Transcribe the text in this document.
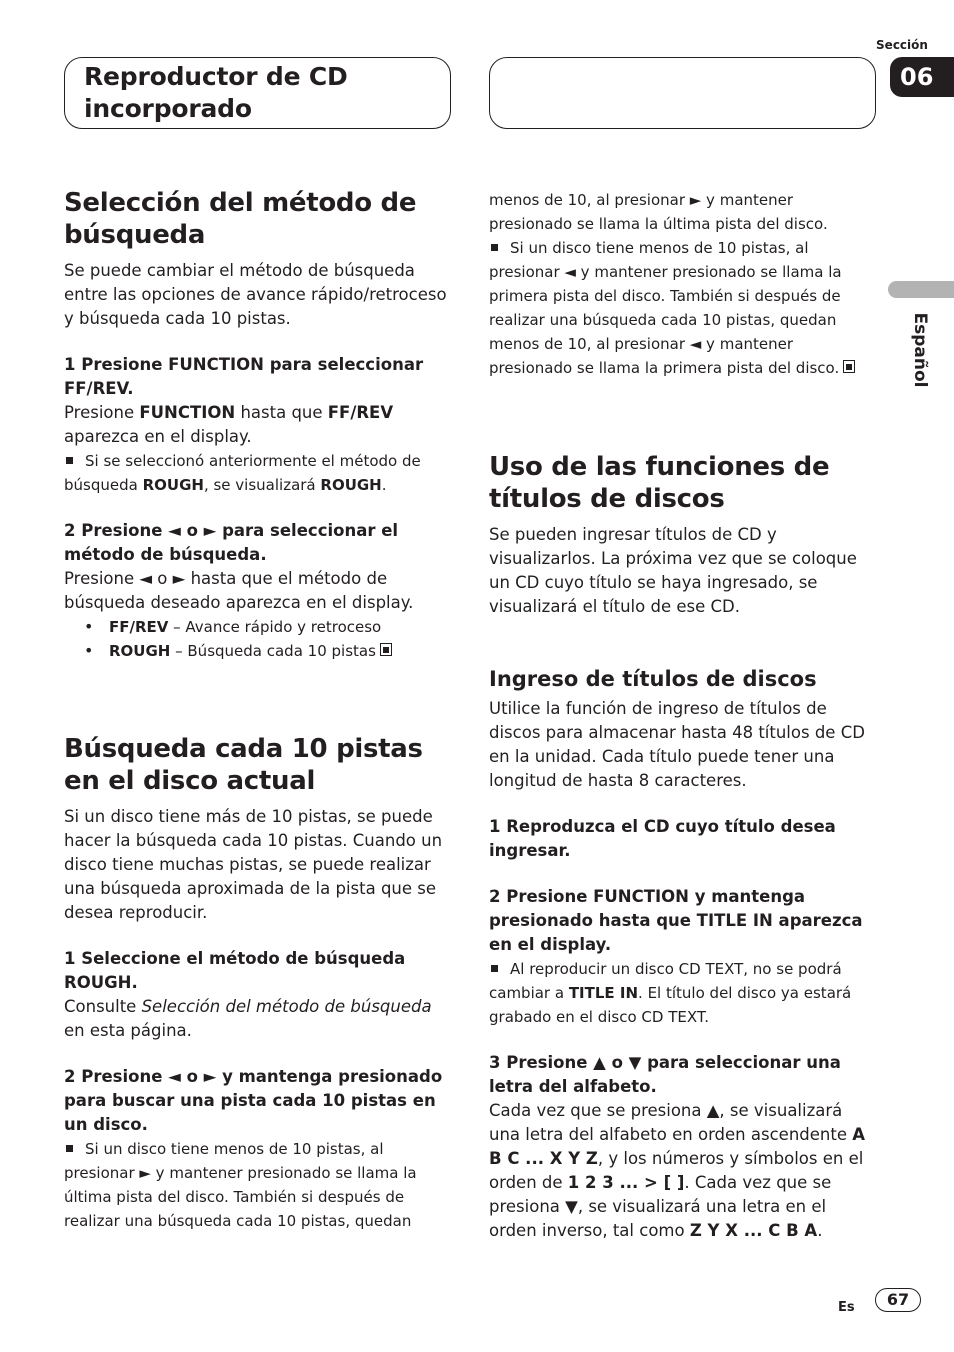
Reproductor de CD incorporado
Sección
06
Español
Selección del método de búsqueda

Se puede cambiar el método de búsqueda entre las opciones de avance rápido/retroceso y búsqueda cada 10 pistas.

1 Presione FUNCTION para seleccionar FF/REV.

Presione FUNCTION hasta que FF/REV aparezca en el display.

Si se seleccionó anteriormente el método de búsqueda ROUGH, se visualizará ROUGH.

2 Presione ◄ o ► para seleccionar el método de búsqueda.

Presione ◄ o ► hasta que el método de búsqueda deseado aparezca en el display.

• FF/REV – Avance rápido y retroceso
• ROUGH – Búsqueda cada 10 pistas
Búsqueda cada 10 pistas en el disco actual

Si un disco tiene más de 10 pistas, se puede hacer la búsqueda cada 10 pistas. Cuando un disco tiene muchas pistas, se puede realizar una búsqueda aproximada de la pista que se desea reproducir.

1 Seleccione el método de búsqueda ROUGH.

Consulte Selección del método de búsqueda en esta página.

2 Presione ◄ o ► y mantenga presionado para buscar una pista cada 10 pistas en un disco.

Si un disco tiene menos de 10 pistas, al presionar ► y mantener presionado se llama la última pista del disco. También si después de realizar una búsqueda cada 10 pistas, quedan

menos de 10, al presionar ► y mantener presionado se llama la última pista del disco.

Si un disco tiene menos de 10 pistas, al presionar ◄ y mantener presionado se llama la primera pista del disco. También si después de realizar una búsqueda cada 10 pistas, quedan menos de 10, al presionar ◄ y mantener presionado se llama la primera pista del disco.

Uso de las funciones de títulos de discos

Se pueden ingresar títulos de CD y visualizarlos. La próxima vez que se coloque un CD cuyo título se haya ingresado, se visualizará el título de ese CD.

Ingreso de títulos de discos

Utilice la función de ingreso de títulos de discos para almacenar hasta 48 títulos de CD en la unidad. Cada título puede tener una longitud de hasta 8 caracteres.

1 Reproduzca el CD cuyo título desea ingresar.

2 Presione FUNCTION y mantenga presionado hasta que TITLE IN aparezca en el display.

Al reproducir un disco CD TEXT, no se podrá cambiar a TITLE IN. El título del disco ya estará grabado en el disco CD TEXT.

3 Presione ▲ o ▼ para seleccionar una letra del alfabeto.

Cada vez que se presiona ▲, se visualizará una letra del alfabeto en orden ascendente A B C ... X Y Z, y los números y símbolos en el orden de 1 2 3 ... > [ ]. Cada vez que se presiona ▼, se visualizará una letra en el orden inverso, tal como Z Y X ... C B A.

Es	67
